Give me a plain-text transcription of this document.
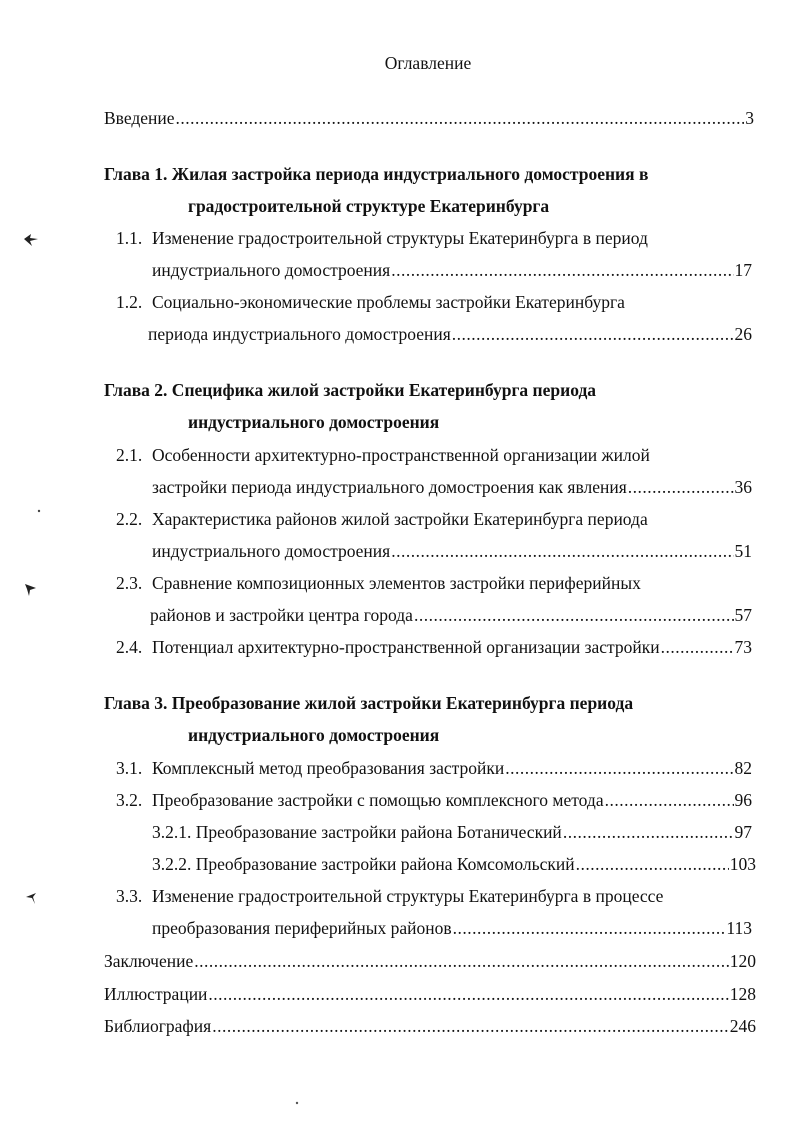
Оглавление
Введение .....	3
Глава 1. Жилая застройка периода индустриального домостроения в
градостроительной структуре Екатеринбурга
1.1. Изменение градостроительной структуры Екатеринбурга в период
индустриального домостроения .....	17
1.2. Социально-экономические проблемы застройки Екатеринбурга
периода индустриального домостроения .....	26
Глава 2. Специфика жилой застройки Екатеринбурга периода
индустриального домостроения
2.1. Особенности архитектурно-пространственной организации жилой
застройки периода индустриального домостроения как явления .....	36
2.2. Характеристика районов жилой застройки Екатеринбурга периода
индустриального домостроения .....	51
2.3. Сравнение композиционных элементов застройки периферийных
районов и застройки центра города .....	57
2.4. Потенциал архитектурно-пространственной организации застройки .....	73
Глава 3. Преобразование жилой застройки Екатеринбурга периода
индустриального домостроения
3.1. Комплексный метод преобразования застройки .....	82
3.2. Преобразование застройки с помощью комплексного метода .....	96
3.2.1. Преобразование застройки района Ботанический .....	97
3.2.2. Преобразование застройки района Комсомольский .....	103
3.3. Изменение градостроительной структуры Екатеринбурга в процессе
преобразования периферийных районов .....	113
Заключение .....	120
Иллюстрации .....	128
Библиография .....	246
